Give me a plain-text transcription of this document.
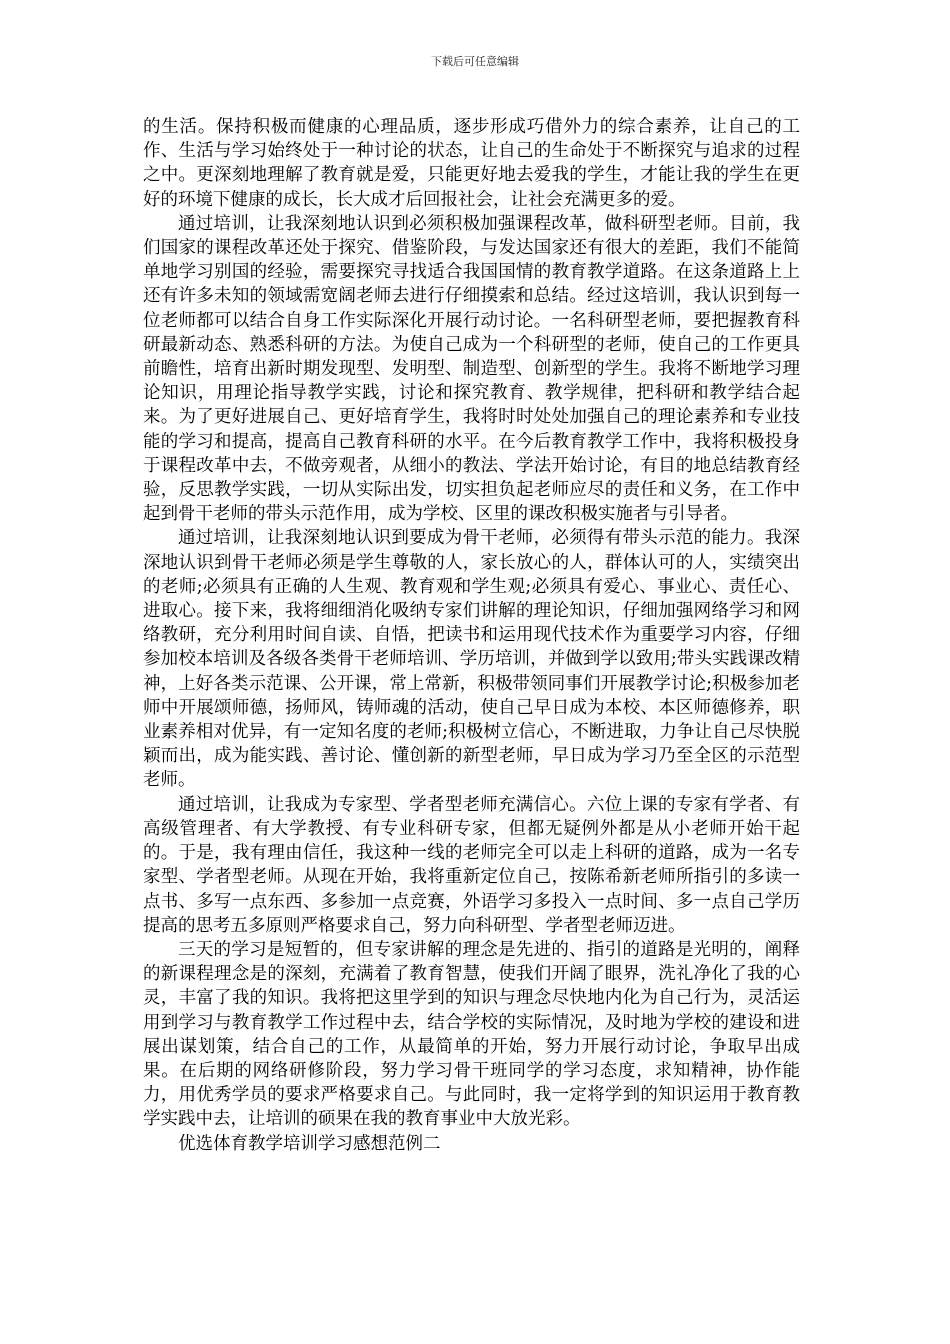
下载后可任意编辑

的生活。保持积极而健康的心理品质，逐步形成巧借外力的综合素养，让自己的工作、生活与学习始终处于一种讨论的状态，让自己的生命处于不断探究与追求的过程之中。更深刻地理解了教育就是爱，只能更好地去爱我的学生，才能让我的学生在更好的环境下健康的成长，长大成才后回报社会，让社会充满更多的爱。

通过培训，让我深刻地认识到必须积极加强课程改革，做科研型老师。目前，我们国家的课程改革还处于探究、借鉴阶段，与发达国家还有很大的差距，我们不能简单地学习别国的经验，需要探究寻找适合我国国情的教育教学道路。在这条道路上上还有许多未知的领域需宽阔老师去进行仔细摸索和总结。经过这培训，我认识到每一位老师都可以结合自身工作实际深化开展行动讨论。一名科研型老师，要把握教育科研最新动态、熟悉科研的方法。为使自己成为一个科研型的老师，使自己的工作更具前瞻性，培育出新时期发现型、发明型、制造型、创新型的学生。我将不断地学习理论知识，用理论指导教学实践，讨论和探究教育、教学规律，把科研和教学结合起来。为了更好进展自己、更好培育学生，我将时时处处加强自己的理论素养和专业技能的学习和提高，提高自己教育科研的水平。在今后教育教学工作中，我将积极投身于课程改革中去，不做旁观者，从细小的教法、学法开始讨论，有目的地总结教育经验，反思教学实践，一切从实际出发，切实担负起老师应尽的责任和义务，在工作中起到骨干老师的带头示范作用，成为学校、区里的课改积极实施者与引导者。

通过培训，让我深刻地认识到要成为骨干老师，必须得有带头示范的能力。我深深地认识到骨干老师必须是学生尊敬的人，家长放心的人，群体认可的人，实绩突出的老师;必须具有正确的人生观、教育观和学生观;必须具有爱心、事业心、责任心、进取心。接下来，我将细细消化吸纳专家们讲解的理论知识，仔细加强网络学习和网络教研，充分利用时间自读、自悟，把读书和运用现代技术作为重要学习内容，仔细参加校本培训及各级各类骨干老师培训、学历培训，并做到学以致用;带头实践课改精神，上好各类示范课、公开课，常上常新，积极带领同事们开展教学讨论;积极参加老师中开展颂师德，扬师风，铸师魂的活动，使自己早日成为本校、本区师德修养，职业素养相对优异，有一定知名度的老师;积极树立信心，不断进取，力争让自己尽快脱颖而出，成为能实践、善讨论、懂创新的新型老师，早日成为学习乃至全区的示范型老师。

通过培训，让我成为专家型、学者型老师充满信心。六位上课的专家有学者、有高级管理者、有大学教授、有专业科研专家，但都无疑例外都是从小老师开始干起的。于是，我有理由信任，我这种一线的老师完全可以走上科研的道路，成为一名专家型、学者型老师。从现在开始，我将重新定位自己，按陈希新老师所指引的多读一点书、多写一点东西、多参加一点竞赛，外语学习多投入一点时间、多一点自己学历提高的思考五多原则严格要求自己，努力向科研型、学者型老师迈进。

三天的学习是短暂的，但专家讲解的理念是先进的、指引的道路是光明的，阐释的新课程理念是的深刻，充满着了教育智慧，使我们开阔了眼界，洗礼净化了我的心灵，丰富了我的知识。我将把这里学到的知识与理念尽快地内化为自己行为，灵活运用到学习与教育教学工作过程中去，结合学校的实际情况，及时地为学校的建设和进展出谋划策，结合自己的工作，从最简单的开始，努力开展行动讨论，争取早出成果。在后期的网络研修阶段，努力学习骨干班同学的学习态度，求知精神，协作能力，用优秀学员的要求严格要求自己。与此同时，我一定将学到的知识运用于教育教学实践中去，让培训的硕果在我的教育事业中大放光彩。

优选体育教学培训学习感想范例二
